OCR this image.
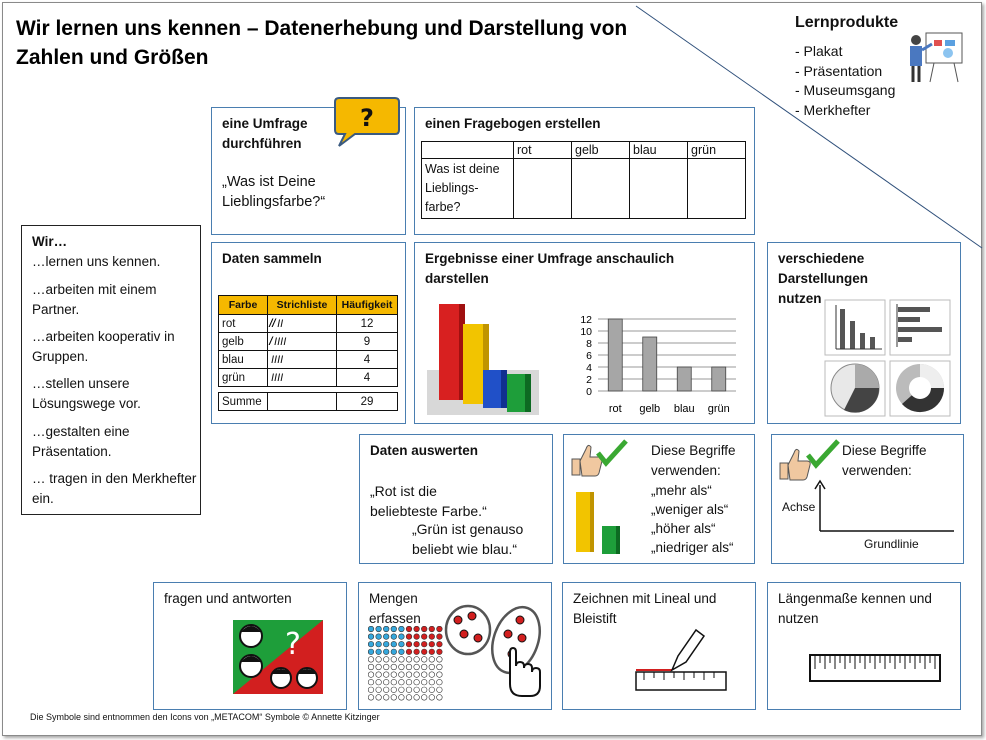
Wir lernen uns kennen – Datenerhebung und Darstellung von Zahlen und Größen
Lernprodukte
- Plakat
- Präsentation
- Museumsgang
- Merkhefter
Wir…
…lernen uns kennen.
…arbeiten mit einem Partner.
…arbeiten kooperativ in Gruppen.
…stellen unsere Lösungswege vor.
…gestalten eine Präsentation.
… tragen in den Merkhefter ein.
eine Umfrage durchführen
„Was ist Deine Lieblingsfarbe?“
?	einen Fragebogen erstellen
	rot	gelb	blau	grün
Was ist deine Lieblings-farbe?				
Daten sammeln
Farbe	Strichliste	Häufigkeit
rot	̸̸̸̸ ̸̸̸̸ II	12
gelb	̸̸̸̸ IIII	9
blau	IIII	4
grün	IIII	4

Summe		29
Ergebnisse einer Umfrage anschaulich darstellen
0
2
4
6
8
10
12
rot gelb blau grün
verschiedene Darstellungen nutzen
Daten auswerten
„Rot ist die beliebteste Farbe.“
„Grün ist genauso beliebt wie blau.“
Diese Begriffe verwenden:
„mehr als“
„weniger als“
„höher als“
„niedriger als“
Diese Begriffe verwenden:
Achse
Grundlinie
fragen und antworten
?
Mengen erfassen
Zeichnen mit Lineal und Bleistift
Längenmaße kennen und nutzen
Die Symbole sind entnommen den Icons von „METACOM“ Symbole © Annette Kitzinger
